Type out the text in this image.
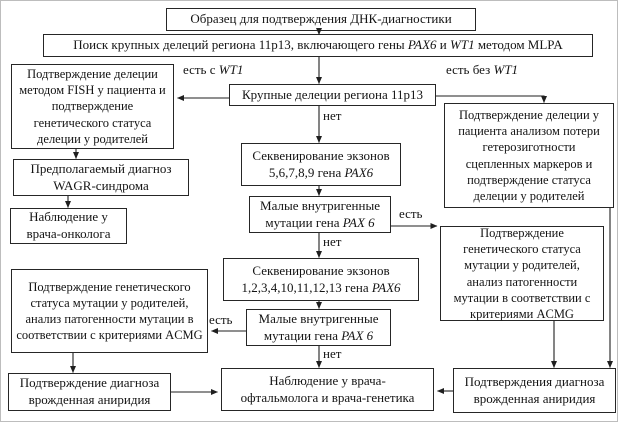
Образец для подтверждения ДНК-диагностики
Поиск крупных делеций региона 11p13, включающего гены PAX6 и WT1 методом MLPA
Подтверждение делеции методом FISH у пациента и подтверждение генетического статуса делеции у родителей
Крупные делеции региона 11p13
Подтверждение делеции у пациента анализом потери гетерозиготности сцепленных маркеров и подтверждение статуса делеции у родителей
Секвенирование экзонов
5,6,7,8,9 гена PAX6
Предполагаемый диагноз
WAGR-синдрома
Малые внутригенные
мутации гена PAX 6
Наблюдение у
врача-онколога	Подтверждение генетического статуса мутации у родителей, анализ патогенности мутации в соответствии с критериями ACMG
Секвенирование экзонов
1,2,3,4,10,11,12,13 гена PAX6
Подтверждение генетического статуса мутации у родителей, анализ патогенности мутации в соответствии с критериями ACMG
Малые внутригенные
мутации гена PAX 6
Подтверждение диагноза
врожденная аниридия
Наблюдение у врача-
офтальмолога и врача-генетика
Подтверждения диагноза
врожденная аниридия
есть с WT1	есть без WT1
нет
есть
нет
есть
нет
